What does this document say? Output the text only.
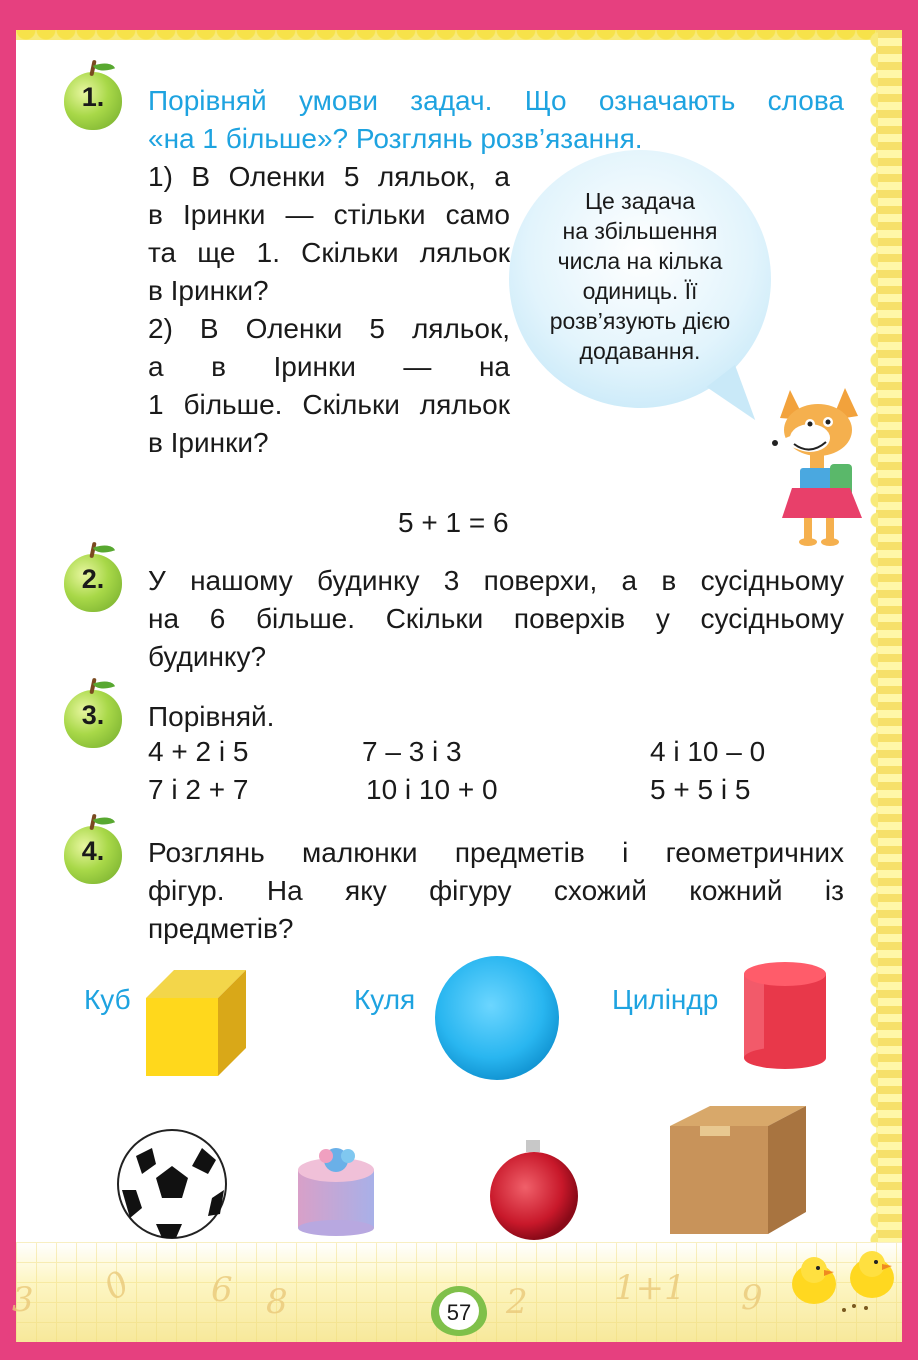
3 0 6 8	2	1+1 9
1.	Порівняй умови задач. Що означають слова
«на 1 більше»? Розглянь розв’язання.
1) В Оленки 5 ляльок, а
в Іринки — стільки само
та ще 1. Скільки ляльок
в Іринки?
2) В Оленки 5 ляльок,
а в Іринки — на
1 більше. Скільки ляльок
в Іринки?
5 + 1 = 6
Це задача
на збільшення
числа на кілька
одиниць. Її
розв’язують дією
додавання.
2.	У нашому будинку 3 поверхи, а в сусідньому
на 6 більше. Скільки поверхів у сусідньому
будинку?
3.	Порівняй.
4 + 2 і 5	7 – 3 і 3	4 і 10 – 0
7 і 2 + 7	10 і 10 + 0	5 + 5 і 5
4.	Розглянь малюнки предметів і геометричних
фігур. На яку фігуру схожий кожний із
предметів?
Куб	Куля	Циліндр
57
